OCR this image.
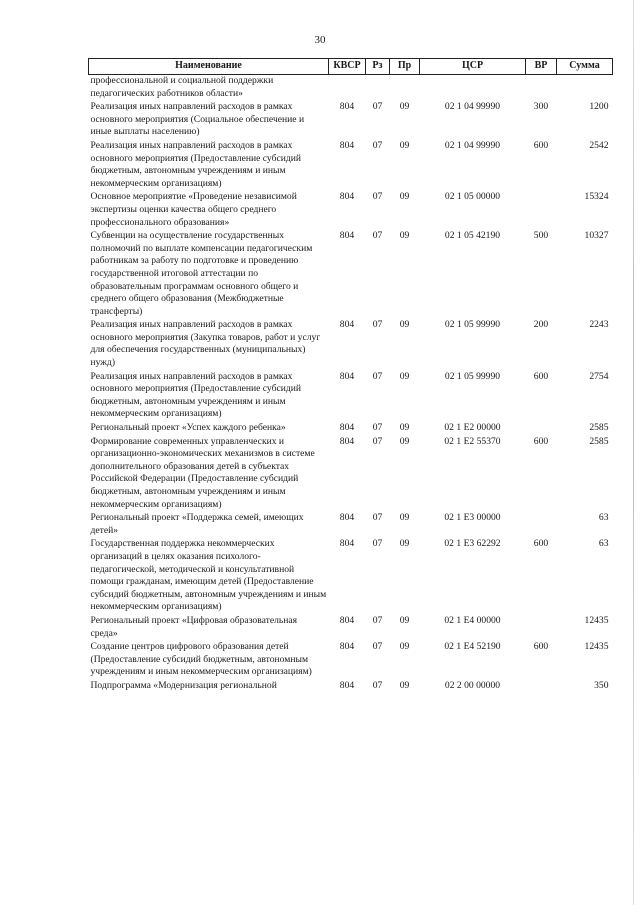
30
Наименование	КВСР	Рз	Пр	ЦСР	ВР	Сумма
профессиональной и социальной поддержки педагогических работников области»						
Реализация иных направлений расходов в рамках основного мероприятия (Социальное обеспечение и иные выплаты населению)	804	07	09	02 1 04 99990	300	1200
Реализация иных направлений расходов в рамках основного мероприятия (Предоставление субсидий бюджетным, автономным учреждениям и иным некоммерческим организациям)	804	07	09	02 1 04 99990	600	2542
Основное мероприятие «Проведение независимой экспертизы оценки качества общего среднего профессионального образования»	804	07	09	02 1 05 00000		15324
Субвенции на осуществление государственных полномочий по выплате компенсации педагогическим работникам за работу по подготовке и проведению государственной итоговой аттестации по образовательным программам основного общего и среднего общего образования (Межбюджетные трансферты)	804	07	09	02 1 05 42190	500	10327
Реализация иных направлений расходов в рамках основного мероприятия (Закупка товаров, работ и услуг для обеспечения государственных (муниципальных) нужд)	804	07	09	02 1 05 99990	200	2243
Реализация иных направлений расходов в рамках основного мероприятия (Предоставление субсидий бюджетным, автономным учреждениям и иным некоммерческим организациям)	804	07	09	02 1 05 99990	600	2754
Региональный проект «Успех каждого ребенка»	804	07	09	02 1 E2 00000		2585
Формирование современных управленческих и организационно-экономических механизмов в системе дополнительного образования детей в субъектах Российской Федерации (Предоставление субсидий бюджетным, автономным учреждениям и иным некоммерческим организациям)	804	07	09	02 1 E2 55370	600	2585
Региональный проект «Поддержка семей, имеющих детей»	804	07	09	02 1 E3 00000		63
Государственная поддержка некоммерческих организаций в целях оказания психолого-педагогической, методической и консультативной помощи гражданам, имеющим детей (Предоставление субсидий бюджетным, автономным учреждениям и иным некоммерческим организациям)	804	07	09	02 1 E3 62292	600	63
Региональный проект «Цифровая образовательная среда»	804	07	09	02 1 E4 00000		12435
Создание центров цифрового образования детей (Предоставление субсидий бюджетным, автономным учреждениям и иным некоммерческим организациям)	804	07	09	02 1 E4 52190	600	12435
Подпрограмма «Модернизация региональной	804	07	09	02 2 00 00000		350
